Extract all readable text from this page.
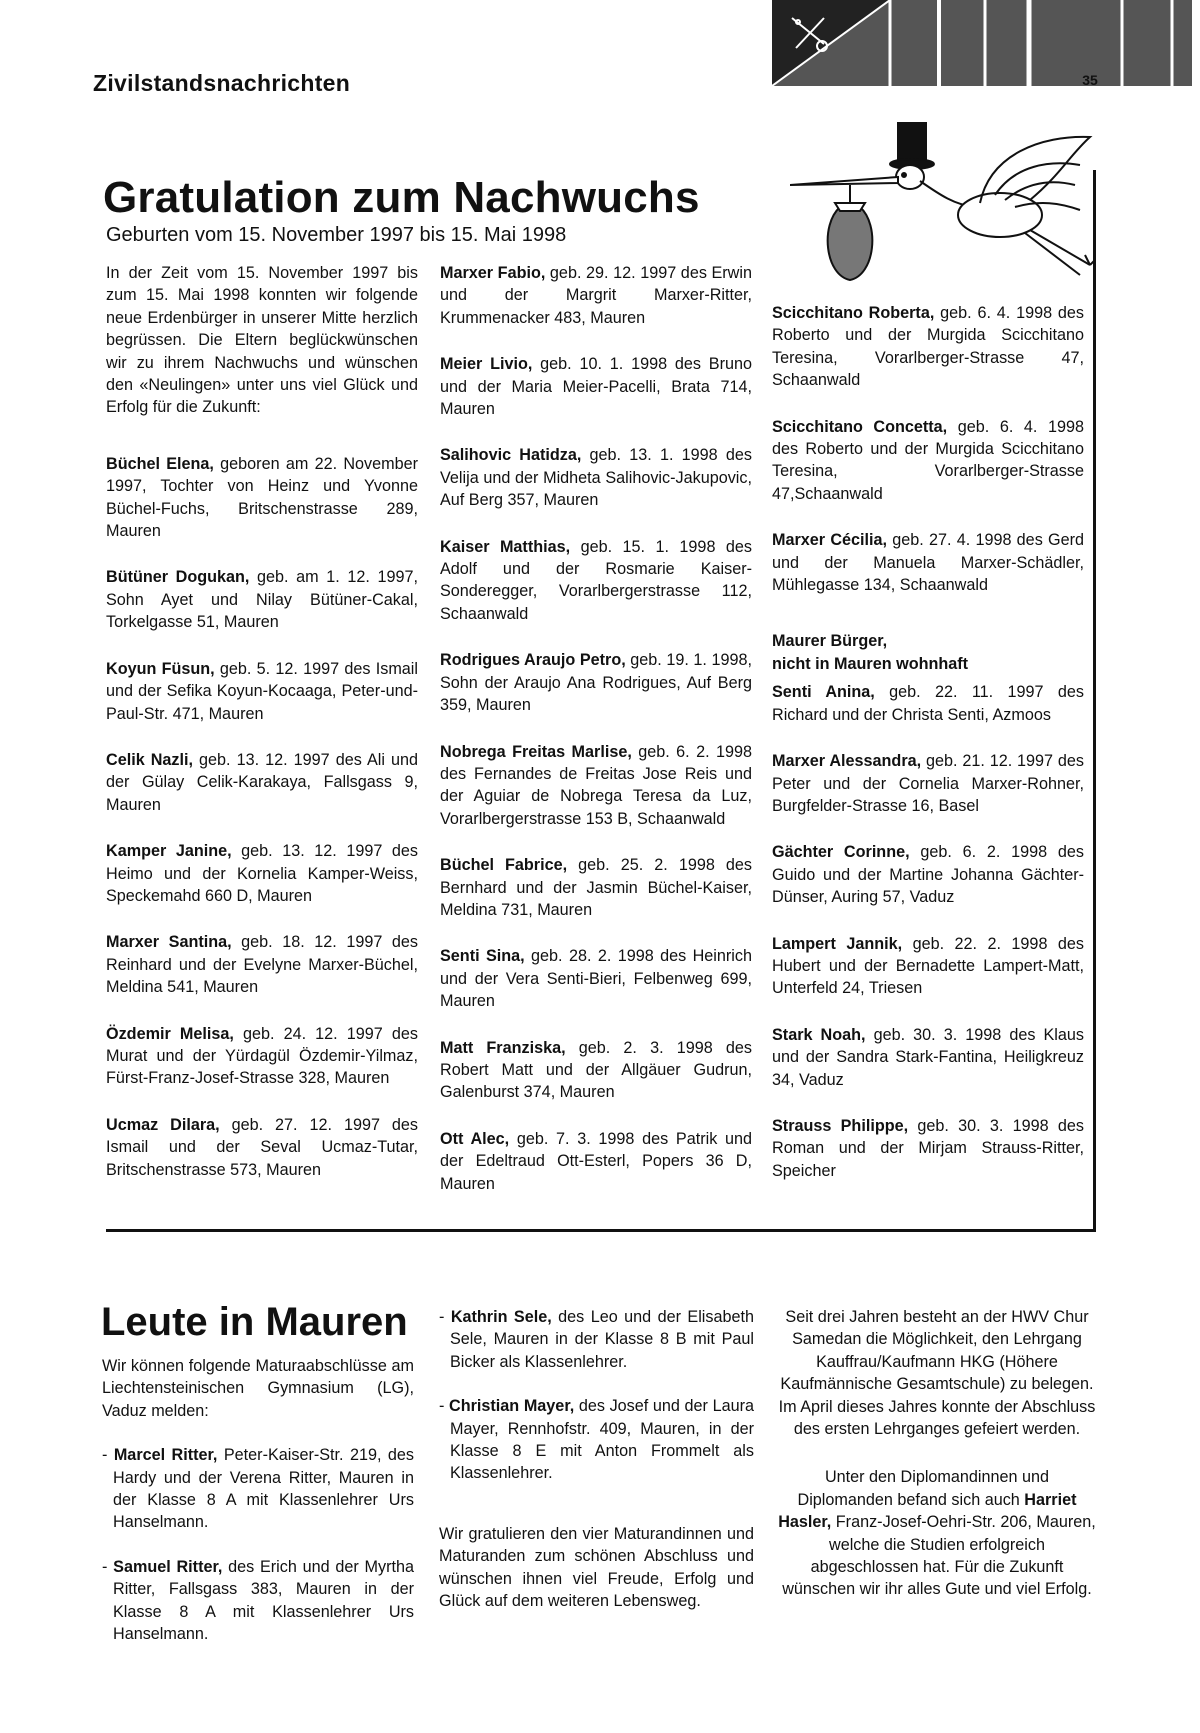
Zivilstandsnachrichten	35
Gratulation zum Nachwuchs
Geburten vom 15. November 1997 bis 15. Mai 1998

In der Zeit vom 15. November 1997 bis zum 15. Mai 1998 konnten wir folgende neue Erdenbürger in unserer Mitte herzlich begrüssen. Die Eltern beglückwünschen wir zu ihrem Nachwuchs und wünschen den «Neulingen» unter uns viel Glück und Erfolg für die Zukunft:

Büchel Elena, geboren am 22. November 1997, Tochter von Heinz und Yvonne Büchel-Fuchs, Britschenstrasse 289, Mauren

Bütüner Dogukan, geb. am 1. 12. 1997, Sohn Ayet und Nilay Bütüner-Cakal, Torkelgasse 51, Mauren

Koyun Füsun, geb. 5. 12. 1997 des Ismail und der Sefika Koyun-Kocaaga, Peter-und-Paul-Str. 471, Mauren

Celik Nazli, geb. 13. 12. 1997 des Ali und der Gülay Celik-Karakaya, Fallsgass 9, Mauren

Kamper Janine, geb. 13. 12. 1997 des Heimo und der Kornelia Kamper-Weiss, Speckemahd 660 D, Mauren

Marxer Santina, geb. 18. 12. 1997 des Reinhard und der Evelyne Marxer-Büchel, Meldina 541, Mauren

Özdemir Melisa, geb. 24. 12. 1997 des Murat und der Yürdagül Özdemir-Yilmaz, Fürst-Franz-Josef-Strasse 328, Mauren

Ucmaz Dilara, geb. 27. 12. 1997 des Ismail und der Seval Ucmaz-Tutar, Britschenstrasse 573, Mauren

Marxer Fabio, geb. 29. 12. 1997 des Erwin und der Margrit Marxer-Ritter, Krummenacker 483, Mauren

Meier Livio, geb. 10. 1. 1998 des Bruno und der Maria Meier-Pacelli, Brata 714, Mauren

Salihovic Hatidza, geb. 13. 1. 1998 des Velija und der Midheta Salihovic-Jakupovic, Auf Berg 357, Mauren

Kaiser Matthias, geb. 15. 1. 1998 des Adolf und der Rosmarie Kaiser-Sonderegger, Vorarlbergerstrasse 112, Schaanwald

Rodrigues Araujo Petro, geb. 19. 1. 1998, Sohn der Araujo Ana Rodrigues, Auf Berg 359, Mauren

Nobrega Freitas Marlise, geb. 6. 2. 1998 des Fernandes de Freitas Jose Reis und der Aguiar de Nobrega Teresa da Luz, Vorarlbergerstrasse 153 B, Schaanwald

Büchel Fabrice, geb. 25. 2. 1998 des Bernhard und der Jasmin Büchel-Kaiser, Meldina 731, Mauren

Senti Sina, geb. 28. 2. 1998 des Heinrich und der Vera Senti-Bieri, Felbenweg 699, Mauren

Matt Franziska, geb. 2. 3. 1998 des Robert Matt und der Allgäuer Gudrun, Galenburst 374, Mauren

Ott Alec, geb. 7. 3. 1998 des Patrik und der Edeltraud Ott-Esterl, Popers 36 D, Mauren

Scicchitano Roberta, geb. 6. 4. 1998 des Roberto und der Murgida Scicchitano Teresina, Vorarlberger-Strasse 47, Schaanwald

Scicchitano Concetta, geb. 6. 4. 1998 des Roberto und der Murgida Scicchitano Teresina, Vorarlberger-Strasse 47,Schaanwald

Marxer Cécilia, geb. 27. 4. 1998 des Gerd und der Manuela Marxer-Schädler, Mühlegasse 134, Schaanwald

Maurer Bürger,
nicht in Mauren wohnhaft

Senti Anina, geb. 22. 11. 1997 des Richard und der Christa Senti, Azmoos

Marxer Alessandra, geb. 21. 12. 1997 des Peter und der Cornelia Marxer-Rohner, Burgfelder-Strasse 16, Basel

Gächter Corinne, geb. 6. 2. 1998 des Guido und der Martine Johanna Gächter-Dünser, Auring 57, Vaduz

Lampert Jannik, geb. 22. 2. 1998 des Hubert und der Bernadette Lampert-Matt, Unterfeld 24, Triesen

Stark Noah, geb. 30. 3. 1998 des Klaus und der Sandra Stark-Fantina, Heiligkreuz 34, Vaduz

Strauss Philippe, geb. 30. 3. 1998 des Roman und der Mirjam Strauss-Ritter, Speicher

Leute in Mauren

Wir können folgende Maturaabschlüsse am Liechtensteinischen Gymnasium (LG), Vaduz melden:

- Marcel Ritter, Peter-Kaiser-Str. 219, des Hardy und der Verena Ritter, Mauren in der Klasse 8 A mit Klassenlehrer Urs Hanselmann.

- Samuel Ritter, des Erich und der Myrtha Ritter, Fallsgass 383, Mauren in der Klasse 8 A mit Klassenlehrer Urs Hanselmann.

- Kathrin Sele, des Leo und der Elisabeth Sele, Mauren in der Klasse 8 B mit Paul Bicker als Klassenlehrer.

- Christian Mayer, des Josef und der Laura Mayer, Rennhofstr. 409, Mauren, in der Klasse 8 E mit Anton Frommelt als Klassenlehrer.

Wir gratulieren den vier Maturandinnen und Maturanden zum schönen Abschluss und wünschen ihnen viel Freude, Erfolg und Glück auf dem weiteren Lebensweg.

Seit drei Jahren besteht an der HWV Chur Samedan die Möglichkeit, den Lehrgang Kauffrau/Kaufmann HKG (Höhere Kaufmännische Gesamtschule) zu belegen. Im April dieses Jahres konnte der Abschluss des ersten Lehrganges gefeiert werden.

Unter den Diplomandinnen und Diplomanden befand sich auch Harriet Hasler, Franz-Josef-Oehri-Str. 206, Mauren, welche die Studien erfolgreich abgeschlossen hat. Für die Zukunft wünschen wir ihr alles Gute und viel Erfolg.
